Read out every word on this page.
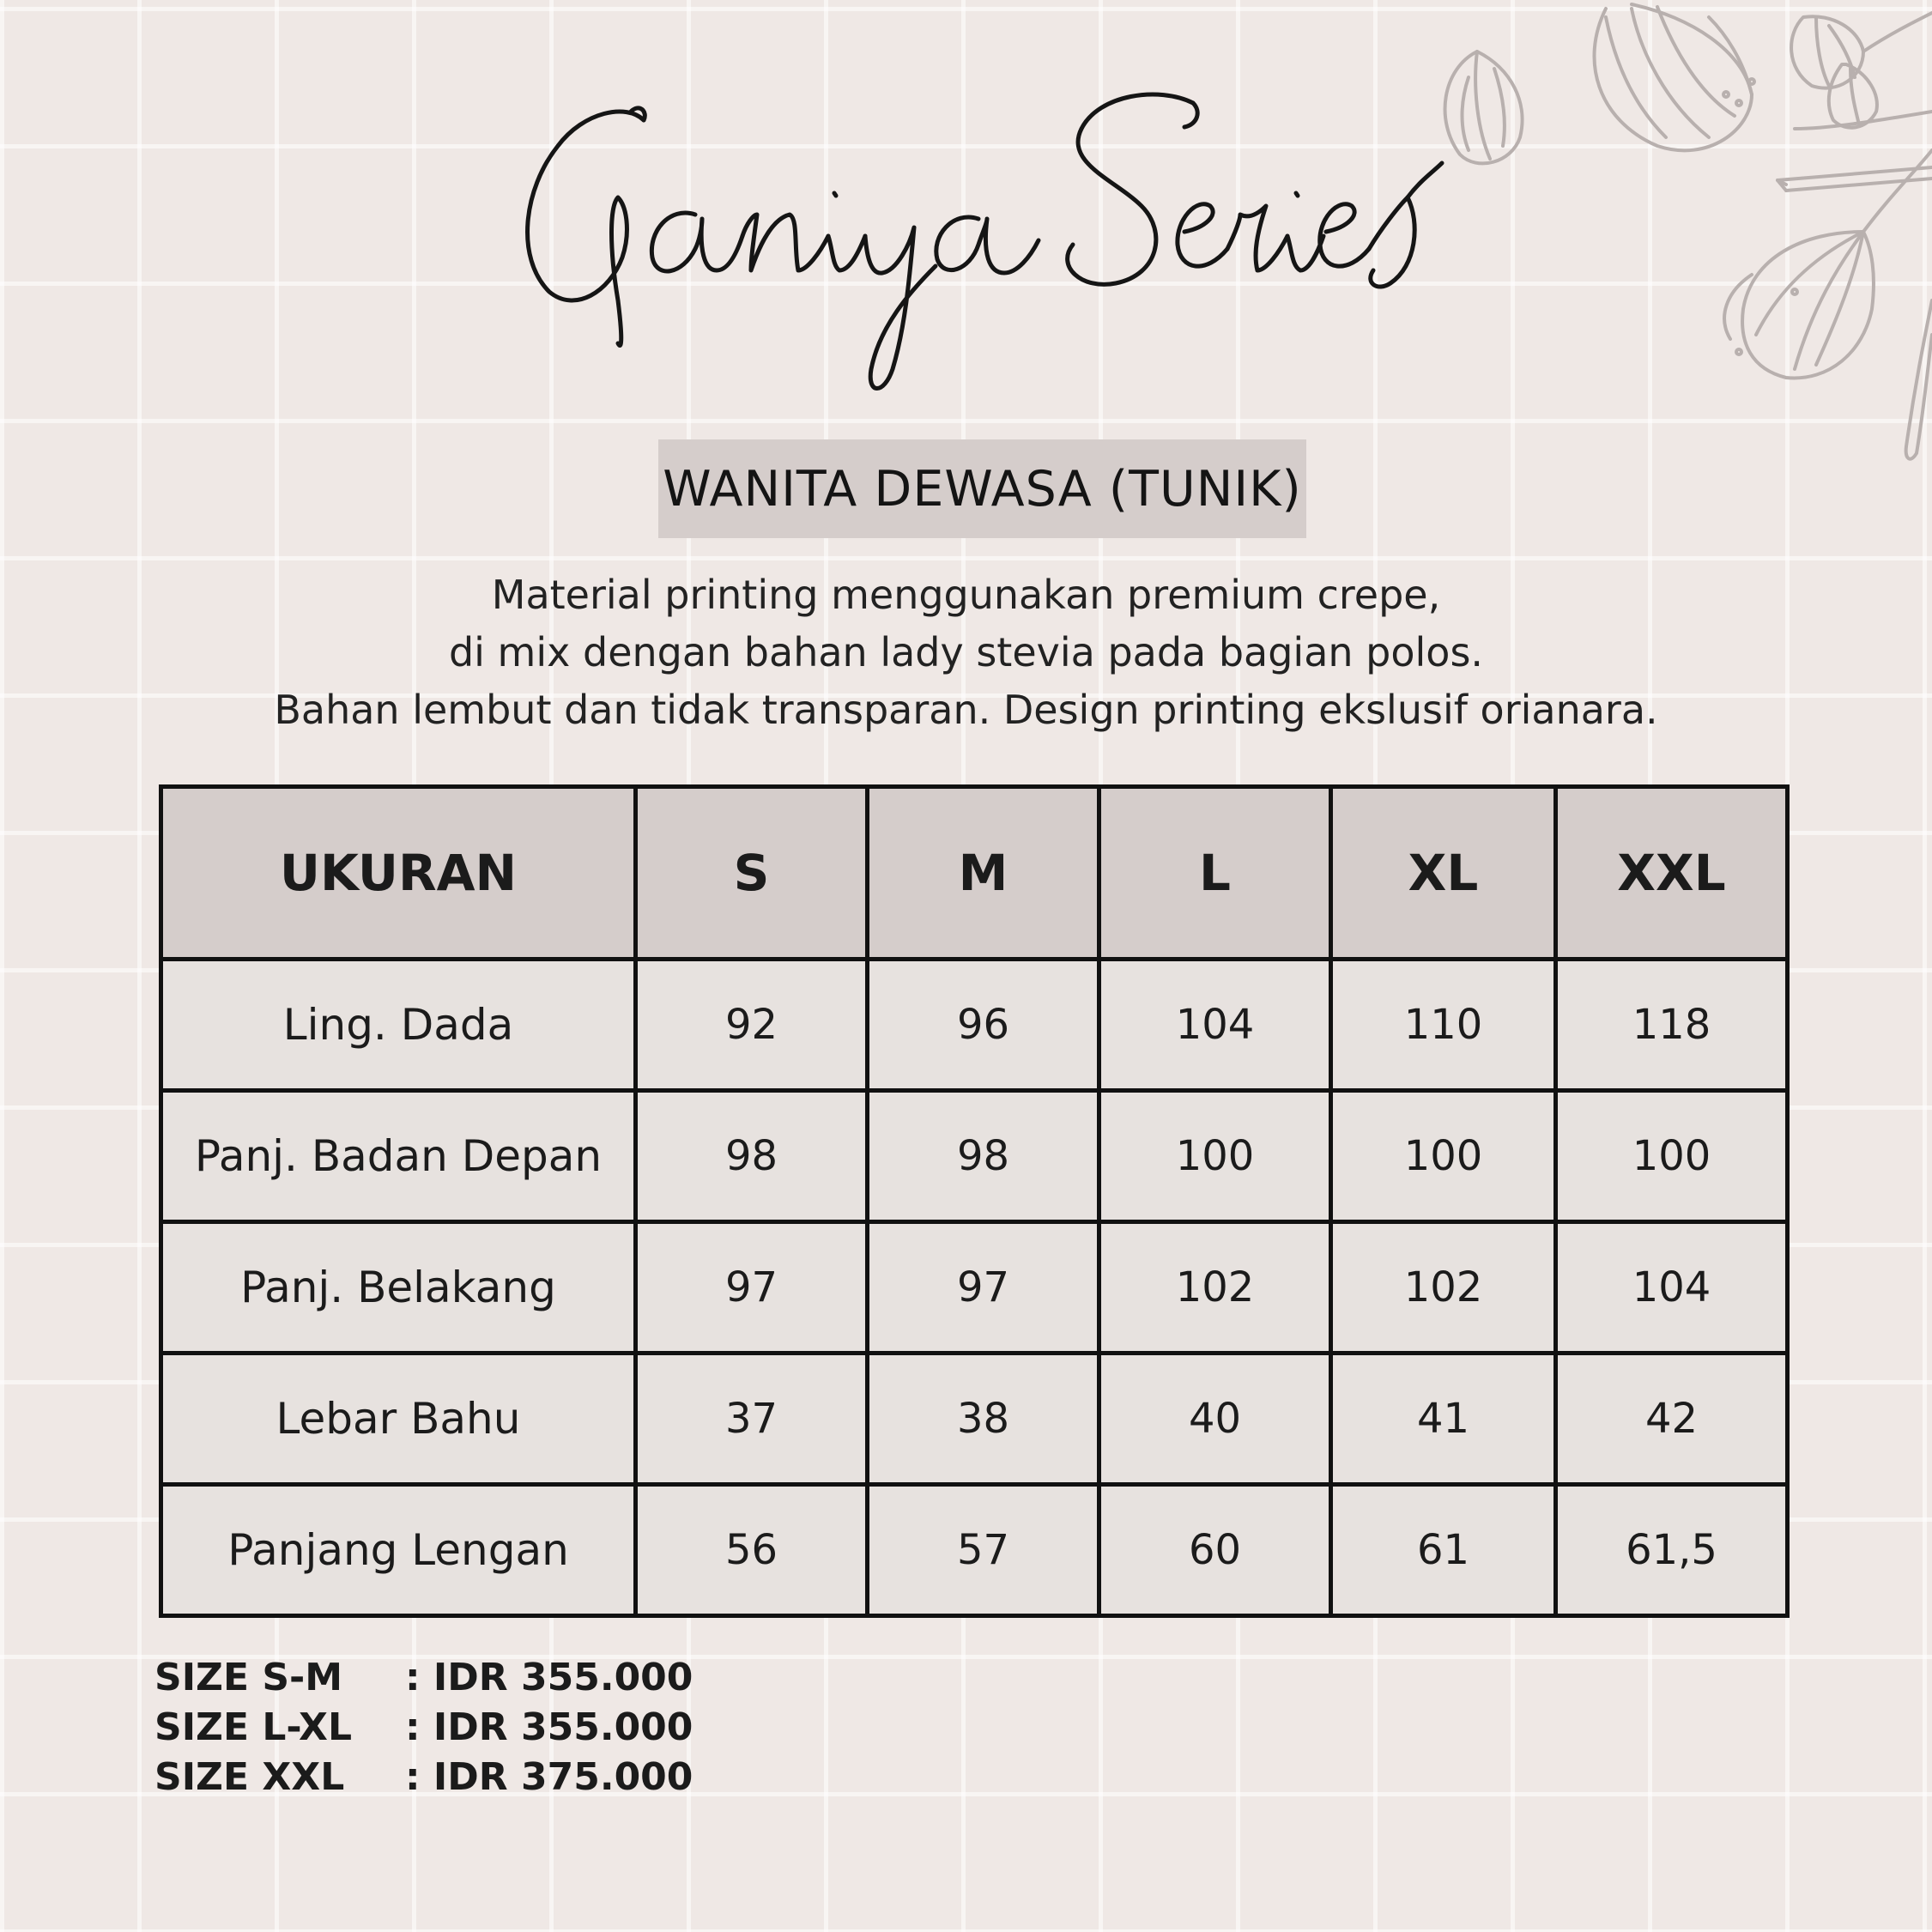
WANITA DEWASA (TUNIK)
Material printing menggunakan premium crepe,
di mix dengan bahan lady stevia pada bagian polos.
Bahan lembut dan tidak transparan. Design printing ekslusif orianara.
UKURAN	S	M	L	XL	XXL
Ling. Dada	92	96	104	110	118
Panj. Badan Depan	98	98	100	100	100
Panj. Belakang	97	97	102	102	104
Lebar Bahu	37	38	40	41	42
Panjang Lengan	56	57	60	61	61,5
SIZE S-M	: IDR 355.000
SIZE L-XL	: IDR 355.000
SIZE XXL	: IDR 375.000
